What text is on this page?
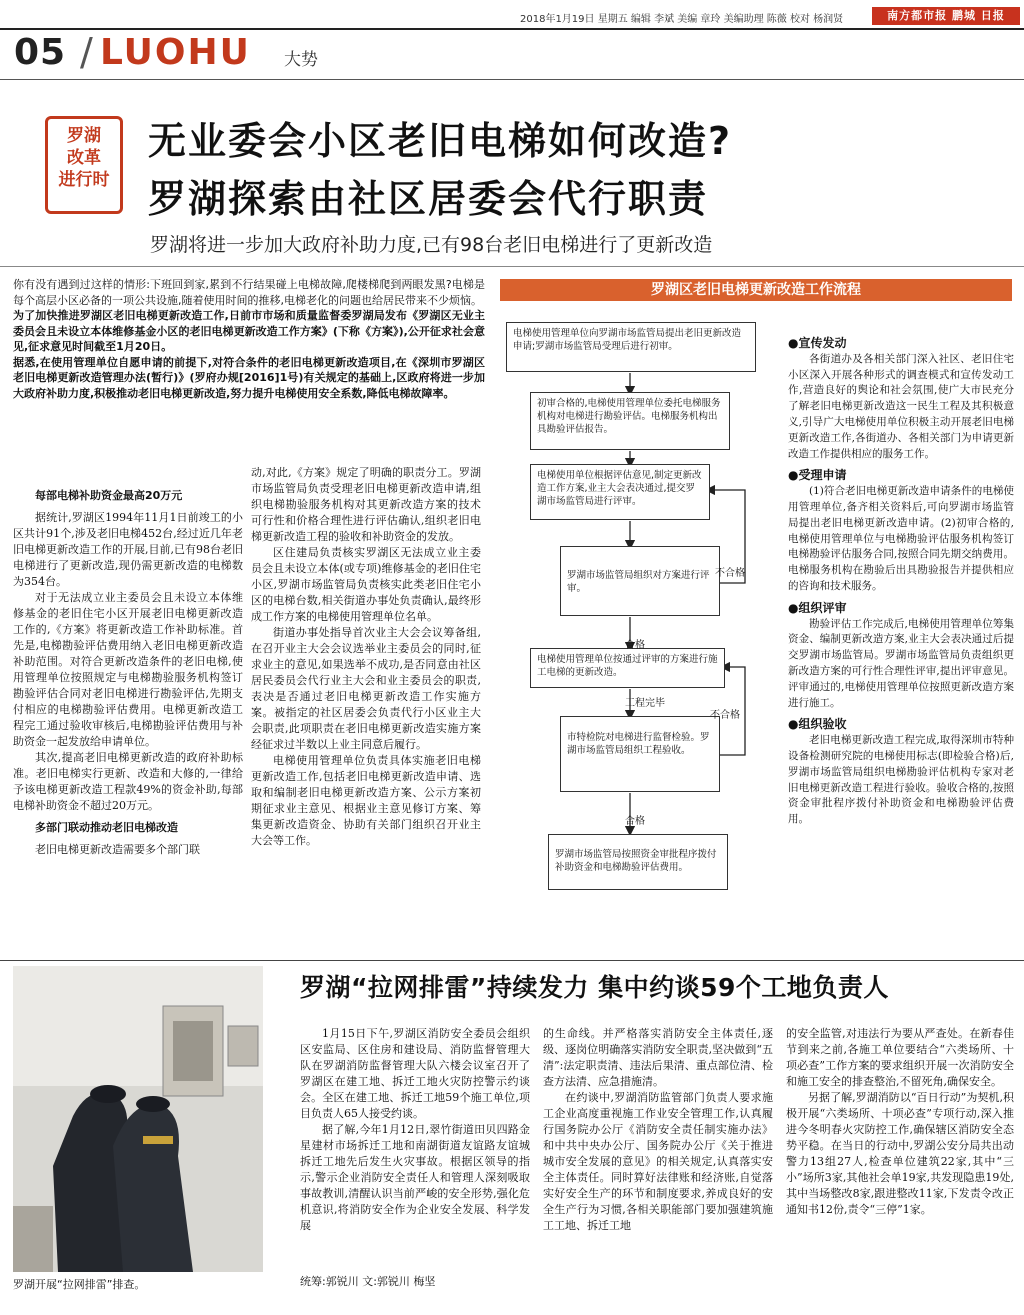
2018年1月19日 星期五 编辑 李斌 美编 章玲 美编助理 陈薇 校对 杨润贤	南方都市报 鹏城 日报
05 / LUOHU 大势
罗湖
改革
进行时
无业委会小区老旧电梯如何改造?
罗湖探索由社区居委会代行职责
罗湖将进一步加大政府补助力度,已有98台老旧电梯进行了更新改造

你有没有遇到过这样的情形:下班回到家,累到不行结果碰上电梯故障,爬楼梯爬到两眼发黑?电梯是每个高层小区必备的一项公共设施,随着使用时间的推移,电梯老化的问题也给居民带来不少烦恼。

为了加快推进罗湖区老旧电梯更新改造工作,日前市市场和质量监督委罗湖局发布《罗湖区无业主委员会且未设立本体维修基金小区的老旧电梯更新改造工作方案》(下称《方案》),公开征求社会意见,征求意见时间截至1月20日。

据悉,在使用管理单位自愿申请的前提下,对符合条件的老旧电梯更新改造项目,在《深圳市罗湖区老旧电梯更新改造管理办法(暂行)》(罗府办规[2016]1号)有关规定的基础上,区政府将进一步加大政府补助力度,积极推动老旧电梯更新改造,努力提升电梯使用安全系数,降低电梯故障率。

每部电梯补助资金最高20万元

据统计,罗湖区1994年11月1日前竣工的小区共计91个,涉及老旧电梯452台,经过近几年老旧电梯更新改造工作的开展,目前,已有98台老旧电梯进行了更新改造,现仍需更新改造的电梯数为354台。

对于无法成立业主委员会且未设立本体维修基金的老旧住宅小区开展老旧电梯更新改造工作的,《方案》将更新改造工作补助标准。首先是,电梯勘验评估费用纳入老旧电梯更新改造补助范围。对符合更新改造条件的老旧电梯,使用管理单位按照规定与电梯勘验服务机构签订勘验评估合同对老旧电梯进行勘验评估,先期支付相应的电梯勘验评估费用。电梯更新改造工程完工通过验收审核后,电梯勘验评估费用与补助资金一起发放给申请单位。

其次,提高老旧电梯更新改造的政府补助标准。老旧电梯实行更新、改造和大修的,一律给予该电梯更新改造工程款49%的资金补助,每部电梯补助资金不超过20万元。

多部门联动推动老旧电梯改造

老旧电梯更新改造需要多个部门联

动,对此,《方案》规定了明确的职责分工。罗湖市场监管局负责受理老旧电梯更新改造申请,组织电梯勘验服务机构对其更新改造方案的技术可行性和价格合理性进行评估确认,组织老旧电梯更新改造工程的验收和补助资金的发放。

区住建局负责核实罗湖区无法成立业主委员会且未设立本体(或专项)维修基金的老旧住宅小区,罗湖市场监管局负责核实此类老旧住宅小区的电梯台数,相关街道办事处负责确认,最终形成工作方案的电梯使用管理单位名单。

街道办事处指导首次业主大会会议筹备组,在召开业主大会会议选举业主委员会的同时,征求业主的意见,如果选举不成功,是否同意由社区居民委员会代行业主大会和业主委员会的职责,表决是否通过老旧电梯更新改造工作实施方案。被指定的社区居委会负责代行小区业主大会职责,此项职责在老旧电梯更新改造实施方案经征求过半数以上业主同意后履行。

电梯使用管理单位负责具体实施老旧电梯更新改造工作,包括老旧电梯更新改造申请、选取和编制老旧电梯更新改造方案、公示方案初期征求业主意见、根据业主意见修订方案、筹集更新改造资金、协助有关部门组织召开业主大会等工作。

罗湖区老旧电梯更新改造工作流程
电梯使用管理单位向罗湖市场监管局提出老旧更新改造申请;罗湖市场监管局受理后进行初审。
初审合格的,电梯使用管理单位委托电梯服务机构对电梯进行勘验评估。电梯服务机构出具勘验评估报告。
电梯使用单位根据评估意见,制定更新改造工作方案,业主大会表决通过,提交罗湖市场监管局进行评审。
罗湖市场监管局组织对方案进行评审。
电梯使用管理单位按通过评审的方案进行施工电梯的更新改造。
市特检院对电梯进行监督检验。罗湖市场监管局组织工程验收。
罗湖市场监管局按照资金审批程序拨付补助资金和电梯勘验评估费用。
不合格
合格
工程完毕
不合格
合格
●宣传发动

各街道办及各相关部门深入社区、老旧住宅小区深入开展各种形式的调查模式和宣传发动工作,营造良好的舆论和社会氛围,使广大市民充分了解老旧电梯更新改造这一民生工程及其积极意义,引导广大电梯使用单位积极主动开展老旧电梯更新改造工作,各街道办、各相关部门为申请更新改造工作提供相应的服务工作。

●受理申请

(1)符合老旧电梯更新改造申请条件的电梯使用管理单位,备齐相关资料后,可向罗湖市场监管局提出老旧电梯更新改造申请。(2)初审合格的,电梯使用管理单位与电梯勘验评估服务机构签订电梯勘验评估服务合同,按照合同先期交纳费用。电梯服务机构在勘验后出具勘验报告并提供相应的咨询和技术服务。

●组织评审

勘验评估工作完成后,电梯使用管理单位筹集资金、编制更新改造方案,业主大会表决通过后提交罗湖市场监管局。罗湖市场监管局负责组织更新改造方案的可行性合理性评审,提出评审意见。评审通过的,电梯使用管理单位按照更新改造方案进行施工。

●组织验收

老旧电梯更新改造工程完成,取得深圳市特种设备检测研究院的电梯使用标志(即检验合格)后,罗湖市场监管局组织电梯勘验评估机构专家对老旧电梯更新改造工程进行验收。验收合格的,按照资金审批程序拨付补助资金和电梯勘验评估费用。

罗湖开展“拉网排雷”排查。
罗湖“拉网排雷”持续发力 集中约谈59个工地负责人

1月15日下午,罗湖区消防安全委员会组织区安监局、区住房和建设局、消防监督管理大队在罗湖消防监督管理大队六楼会议室召开了罗湖区在建工地、拆迁工地火灾防控警示约谈会。全区在建工地、拆迁工地59个施工单位,项目负责人65人接受约谈。

据了解,今年1月12日,翠竹街道田贝四路金星建材市场拆迁工地和南湖街道友谊路友谊城拆迁工地先后发生火灾事故。根据区领导的指示,警示企业消防安全责任人和管理人深刻吸取事故教训,清醒认识当前严峻的安全形势,强化危机意识,将消防安全作为企业安全发展、科学发展

的生命线。并严格落实消防安全主体责任,逐级、逐岗位明确落实消防安全职责,坚决做到“五清”:法定职责清、违法后果清、重点部位清、检查方法清、应急措施清。

在约谈中,罗湖消防监管部门负责人要求施工企业高度重视施工作业安全管理工作,认真履行国务院办公厅《消防安全责任制实施办法》和中共中央办公厅、国务院办公厅《关于推进城市安全发展的意见》的相关规定,认真落实安全主体责任。同时算好法律账和经济账,自觉落实好安全生产的环节和制度要求,养成良好的安全生产行为习惯,各相关职能部门要加强建筑施工工地、拆迁工地

的安全监管,对违法行为要从严查处。在新春佳节到来之前,各施工单位要结合“六类场所、十项必查”工作方案的要求组织开展一次消防安全和施工安全的排查整治,不留死角,确保安全。

另据了解,罗湖消防以“百日行动”为契机,积极开展“六类场所、十项必查”专项行动,深入推进今冬明春火灾防控工作,确保辖区消防安全态势平稳。在当日的行动中,罗湖公安分局共出动警力13组27人,检查单位建筑22家,其中“三小”场所3家,其他社会单19家,共发现隐患19处,其中当场整改8家,跟进整改11家,下发责令改正通知书12份,责令“三停”1家。

统筹:郭锐川 文:郭锐川 梅坚
